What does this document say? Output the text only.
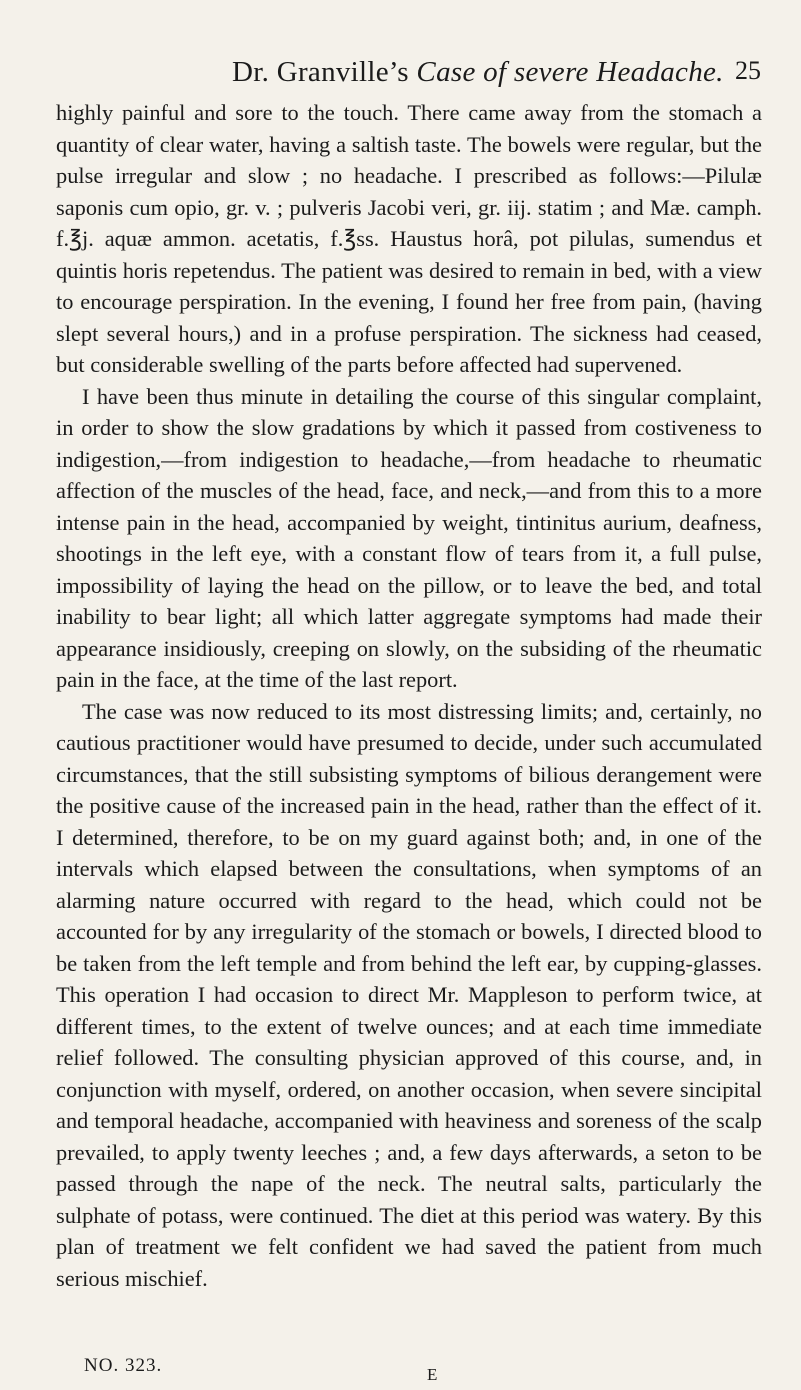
Dr. Granville’s Case of severe Headache. 25

highly painful and sore to the touch. There came away from the stomach a quantity of clear water, having a saltish taste. The bowels were regular, but the pulse irregular and slow ; no headache. I prescribed as follows:—Pilulæ saponis cum opio, gr. v. ; pulveris Jacobi veri, gr. iij. statim ; and Mæ. camph. f.℥j. aquæ ammon. acetatis, f.℥ss. Haustus horâ, pot pilulas, sumendus et quintis horis repetendus. The patient was desired to remain in bed, with a view to encourage perspiration. In the evening, I found her free from pain, (having slept several hours,) and in a profuse perspiration. The sickness had ceased, but considerable swelling of the parts before affected had supervened.

I have been thus minute in detailing the course of this singular complaint, in order to show the slow gradations by which it passed from costiveness to indigestion,—from indigestion to headache,—from headache to rheumatic affection of the muscles of the head, face, and neck,—and from this to a more intense pain in the head, accompanied by weight, tintinitus aurium, deafness, shootings in the left eye, with a constant flow of tears from it, a full pulse, impossibility of laying the head on the pillow, or to leave the bed, and total inability to bear light; all which latter aggregate symptoms had made their appearance insidiously, creeping on slowly, on the subsiding of the rheumatic pain in the face, at the time of the last report.

The case was now reduced to its most distressing limits; and, certainly, no cautious practitioner would have presumed to decide, under such accumulated circumstances, that the still subsisting symptoms of bilious derangement were the positive cause of the increased pain in the head, rather than the effect of it. I determined, therefore, to be on my guard against both; and, in one of the intervals which elapsed between the consultations, when symptoms of an alarming nature occurred with regard to the head, which could not be accounted for by any irregularity of the stomach or bowels, I directed blood to be taken from the left temple and from behind the left ear, by cupping-glasses. This operation I had occasion to direct Mr. Mappleson to perform twice, at different times, to the extent of twelve ounces; and at each time immediate relief followed. The consulting physician approved of this course, and, in conjunction with myself, ordered, on another occasion, when severe sincipital and temporal headache, accompanied with heaviness and soreness of the scalp prevailed, to apply twenty leeches ; and, a few days afterwards, a seton to be passed through the nape of the neck. The neutral salts, particularly the sulphate of potass, were continued. The diet at this period was watery. By this plan of treatment we felt confident we had saved the patient from much serious mischief.

NO. 323.	E
